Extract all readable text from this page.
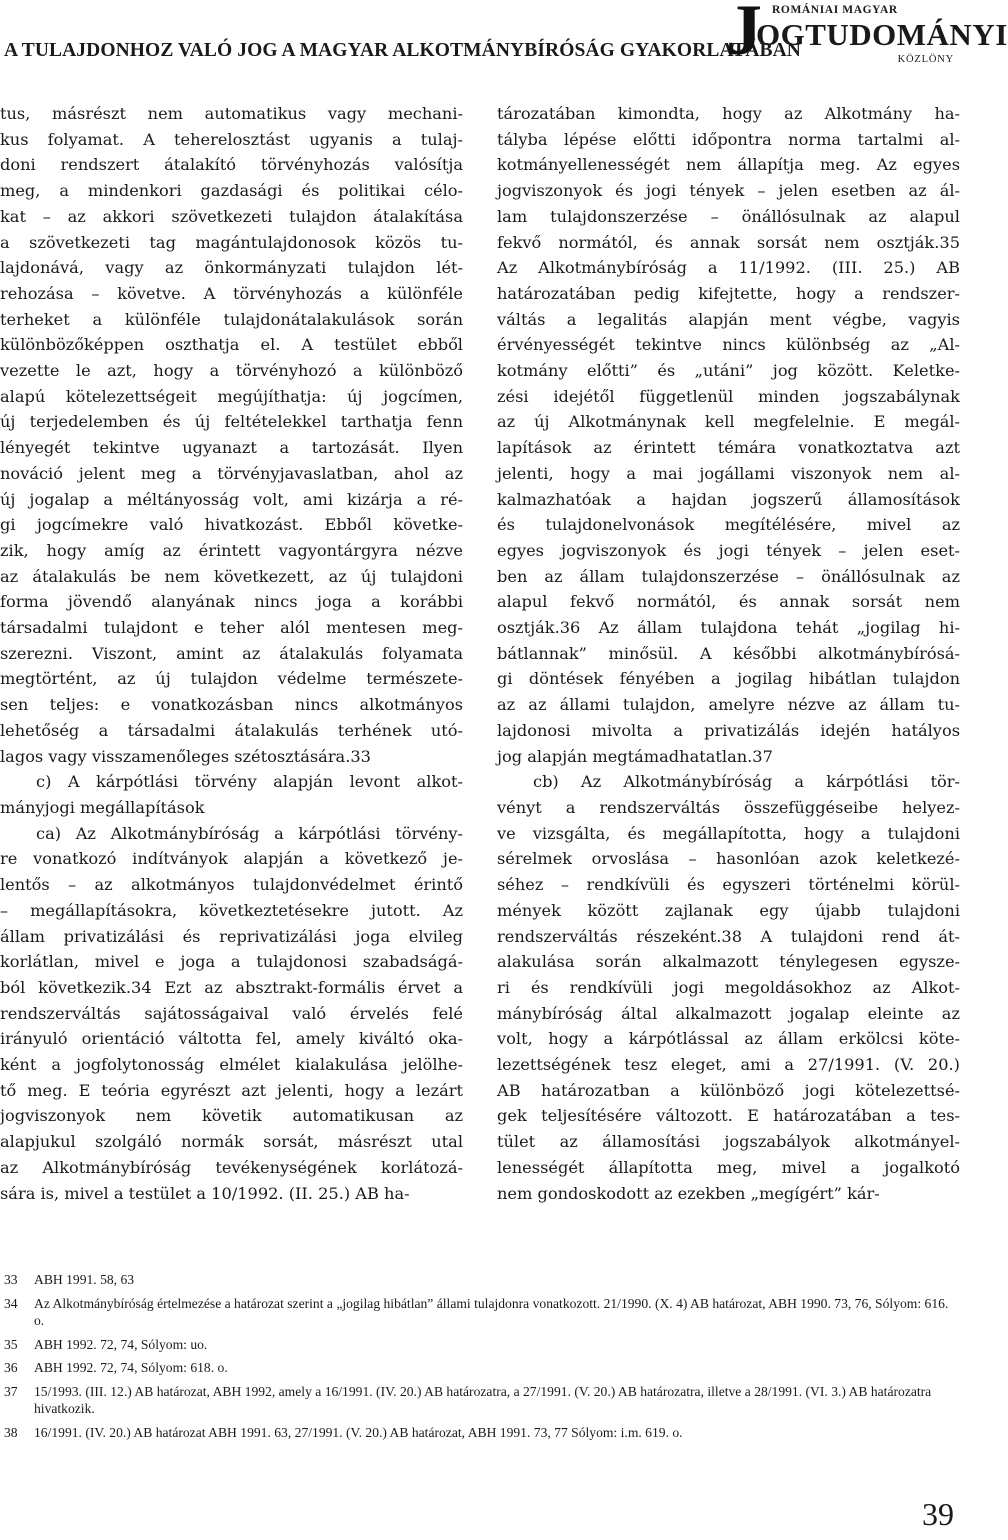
A TULAJDONHOZ VALÓ JOG A MAGYAR ALKOTMÁNYBÍRÓSÁG GYAKORLATÁBAN
J ROMÁNIAI MAGYAR
OGTUDOMÁNYI
KÖZLÖNY
tus, másrészt nem automatikus vagy mechani-
kus folyamat. A teherelosztást ugyanis a tulaj-
doni rendszert átalakító törvényhozás valósítja
meg, a mindenkori gazdasági és politikai célo-
kat – az akkori szövetkezeti tulajdon átalakítása
a szövetkezeti tag magántulajdonosok közös tu-
lajdonává, vagy az önkormányzati tulajdon lét-
rehozása – követve. A törvényhozás a különféle
terheket a különféle tulajdonátalakulások során
különbözőképpen oszthatja el. A testület ebből
vezette le azt, hogy a törvényhozó a különböző
alapú kötelezettségeit megújíthatja: új jogcímen,
új terjedelemben és új feltételekkel tarthatja fenn
lényegét tekintve ugyanazt a tartozását. Ilyen
nováció jelent meg a törvényjavaslatban, ahol az
új jogalap a méltányosság volt, ami kizárja a ré-
gi jogcímekre való hivatkozást. Ebből követke-
zik, hogy amíg az érintett vagyontárgyra nézve
az átalakulás be nem következett, az új tulajdoni
forma jövendő alanyának nincs joga a korábbi
társadalmi tulajdont e teher alól mentesen meg-
szerezni. Viszont, amint az átalakulás folyamata
megtörtént, az új tulajdon védelme természete-
sen teljes: e vonatkozásban nincs alkotmányos
lehetőség a társadalmi átalakulás terhének utó-
lagos vagy visszamenőleges szétosztására.33
c) A kárpótlási törvény alapján levont alkot-
mányjogi megállapítások
ca) Az Alkotmánybíróság a kárpótlási törvény-
re vonatkozó indítványok alapján a következő je-
lentős – az alkotmányos tulajdonvédelmet érintő
– megállapításokra, következtetésekre jutott. Az
állam privatizálási és reprivatizálási joga elvileg
korlátlan, mivel e joga a tulajdonosi szabadságá-
ból következik.34 Ezt az absztrakt-formális érvet a
rendszerváltás sajátosságaival való érvelés felé
irányuló orientáció váltotta fel, amely kiváltó oka-
ként a jogfolytonosság elmélet kialakulása jelölhe-
tő meg. E teória egyrészt azt jelenti, hogy a lezárt
jogviszonyok nem követik automatikusan az
alapjukul szolgáló normák sorsát, másrészt utal
az Alkotmánybíróság tevékenységének korlátozá-
sára is, mivel a testület a 10/1992. (II. 25.) AB ha-
tározatában kimondta, hogy az Alkotmány ha-
tályba lépése előtti időpontra norma tartalmi al-
kotmányellenességét nem állapítja meg. Az egyes
jogviszonyok és jogi tények – jelen esetben az ál-
lam tulajdonszerzése – önállósulnak az alapul
fekvő normától, és annak sorsát nem osztják.35
Az Alkotmánybíróság a 11/1992. (III. 25.) AB
határozatában pedig kifejtette, hogy a rendszer-
váltás a legalitás alapján ment végbe, vagyis
érvényességét tekintve nincs különbség az „Al-
kotmány előtti” és „utáni” jog között. Keletke-
zési idejétől függetlenül minden jogszabálynak
az új Alkotmánynak kell megfelelnie. E megál-
lapítások az érintett témára vonatkoztatva azt
jelenti, hogy a mai jogállami viszonyok nem al-
kalmazhatóak a hajdan jogszerű államosítások
és tulajdonelvonások megítélésére, mivel az
egyes jogviszonyok és jogi tények – jelen eset-
ben az állam tulajdonszerzése – önállósulnak az
alapul fekvő normától, és annak sorsát nem
osztják.36 Az állam tulajdona tehát „jogilag hi-
bátlannak” minősül. A későbbi alkotmánybírósá-
gi döntések fényében a jogilag hibátlan tulajdon
az az állami tulajdon, amelyre nézve az állam tu-
lajdonosi mivolta a privatizálás idején hatályos
jog alapján megtámadhatatlan.37
cb) Az Alkotmánybíróság a kárpótlási tör-
vényt a rendszerváltás összefüggéseibe helyez-
ve vizsgálta, és megállapította, hogy a tulajdoni
sérelmek orvoslása – hasonlóan azok keletkezé-
séhez – rendkívüli és egyszeri történelmi körül-
mények között zajlanak egy újabb tulajdoni
rendszerváltás részeként.38 A tulajdoni rend át-
alakulása során alkalmazott ténylegesen egysze-
ri és rendkívüli jogi megoldásokhoz az Alkot-
mánybíróság által alkalmazott jogalap eleinte az
volt, hogy a kárpótlással az állam erkölcsi köte-
lezettségének tesz eleget, ami a 27/1991. (V. 20.)
AB határozatban a különböző jogi kötelezettsé-
gek teljesítésére változott. E határozatában a tes-
tület az államosítási jogszabályok alkotmányel-
lenességét állapította meg, mivel a jogalkotó
nem gondoskodott az ezekben „megígért” kár-
33 ABH 1991. 58, 63
34 Az Alkotmánybíróság értelmezése a határozat szerint a „jogilag hibátlan” állami tulajdonra vonatkozott. 21/1990. (X. 4) AB határozat, ABH 1990. 73, 76, Sólyom: 616. o.
35 ABH 1992. 72, 74, Sólyom: uo.
36 ABH 1992. 72, 74, Sólyom: 618. o.
37 15/1993. (III. 12.) AB határozat, ABH 1992, amely a 16/1991. (IV. 20.) AB határozatra, a 27/1991. (V. 20.) AB határozatra, illetve a 28/1991. (VI. 3.) AB határozatra hivatkozik.
38 16/1991. (IV. 20.) AB határozat ABH 1991. 63, 27/1991. (V. 20.) AB határozat, ABH 1991. 73, 77 Sólyom: i.m. 619. o.
39
